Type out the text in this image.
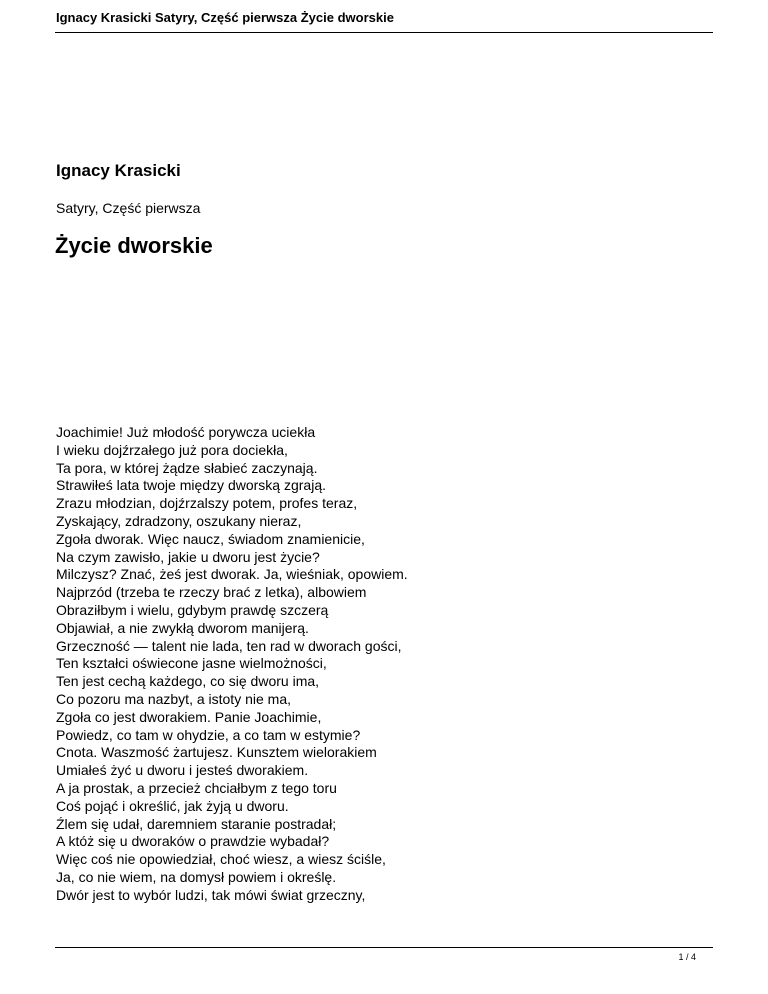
Ignacy Krasicki Satyry, Część pierwsza Życie dworskie
Ignacy Krasicki
Satyry, Część pierwsza
Życie dworskie
Joachimie! Już młodość porywcza uciekła
I wieku dojźrzałego już pora dociekła,
Ta pora, w której żądze słabieć zaczynają.
Strawiłeś lata twoje między dworską zgrają.
Zrazu młodzian, dojźrzalszy potem, profes teraz,
Zyskający, zdradzony, oszukany nieraz,
Zgoła dworak. Więc naucz, świadom znamienicie,
Na czym zawisło, jakie u dworu jest życie?
Milczysz? Znać, żeś jest dworak. Ja, wieśniak, opowiem.
Najprzód (trzeba te rzeczy brać z letka), albowiem
Obraziłbym i wielu, gdybym prawdę szczerą
Objawiał, a nie zwykłą dworom manijerą.
Grzeczność — talent nie lada, ten rad w dworach gości,
Ten kształci oświecone jasne wielmożności,
Ten jest cechą każdego, co się dworu ima,
Co pozoru ma nazbyt, a istoty nie ma,
Zgoła co jest dworakiem. Panie Joachimie,
Powiedz, co tam w ohydzie, a co tam w estymie?
Cnota. Waszmość żartujesz. Kunsztem wielorakiem
Umiałeś żyć u dworu i jesteś dworakiem.
A ja prostak, a przecież chciałbym z tego toru
Coś pojąć i określić, jak żyją u dworu.
Źlem się udał, daremniem staranie postradał;
A któż się u dworaków o prawdzie wybadał?
Więc coś nie opowiedział, choć wiesz, a wiesz ściśle,
Ja, co nie wiem, na domysł powiem i określę.
Dwór jest to wybór ludzi, tak mówi świat grzeczny,
1 / 4
